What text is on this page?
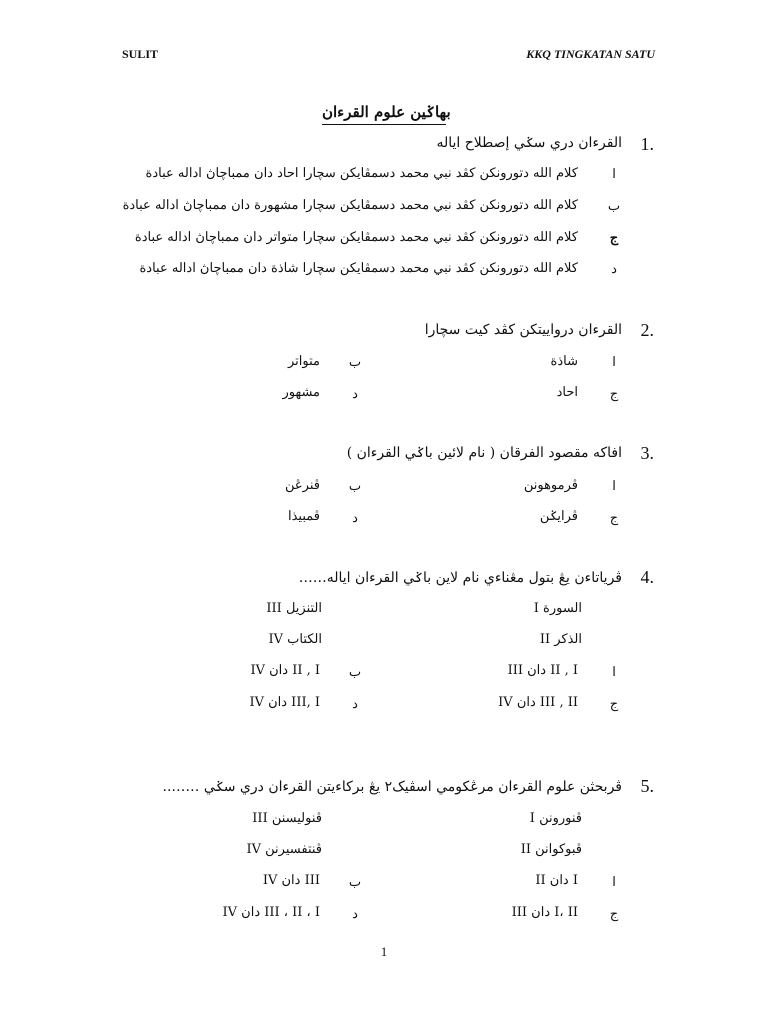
SULIT	KKQ TINGKATAN SATU
بهاݢين علوم القرءان
1.
القرءان دري سݢي إصطلاح اياله
ا
كلام الله دتورونكن كڤد نبي محمد دسمڤايكن سچارا احاد دان ممباچاڽ اداله عبادة
ب
كلام الله دتورونكن كڤد نبي محمد دسمڤايكن سچارا مشهورة دان ممباچاڽ اداله عبادة
ج
كلام الله دتورونكن كڤد نبي محمد دسمڤايكن سچارا متواتر دان ممباچاڽ اداله عبادة
د
كلام الله دتورونكن كڤد نبي محمد دسمڤايكن سچارا شاذة دان ممباچاڽ اداله عبادة
2.
القرءان درواييتكن كڤد كيت سچارا
ا
شاذة
ب
متواتر
ج
احاد
د
مشهور
3.
افاكه مقصود الفرقان ( نام لائين باݢي القرءان )
ا
ڤرموهونن
ب
ڤنرڠن
ج
ڤرايݢن
د
ڤمبيذا
4.
ڤرياتاءن يڠ بتول مڠناءي نام لاين باݢي القرءان اياله……
I السورة
III التنزيل
II الذكر
IV الكتاب
ا
III دان II , I
ب
IV دان II , I
ج
IV دان III , II
د
IV دان III, I
5.
ڤربحثن علوم القرءان مرڠكومي اسڤيک٢ يڠ بركاءيتن القرءان دري سݢي ……..
I ڤنورونن
III ڤنوليسنن
II ڤبوكوانن
IV ڤنتفسيرنن
ا
II دان I
ب
IV دان III
ج
III دان I، II
د
IV دان III ، II ، I
1
